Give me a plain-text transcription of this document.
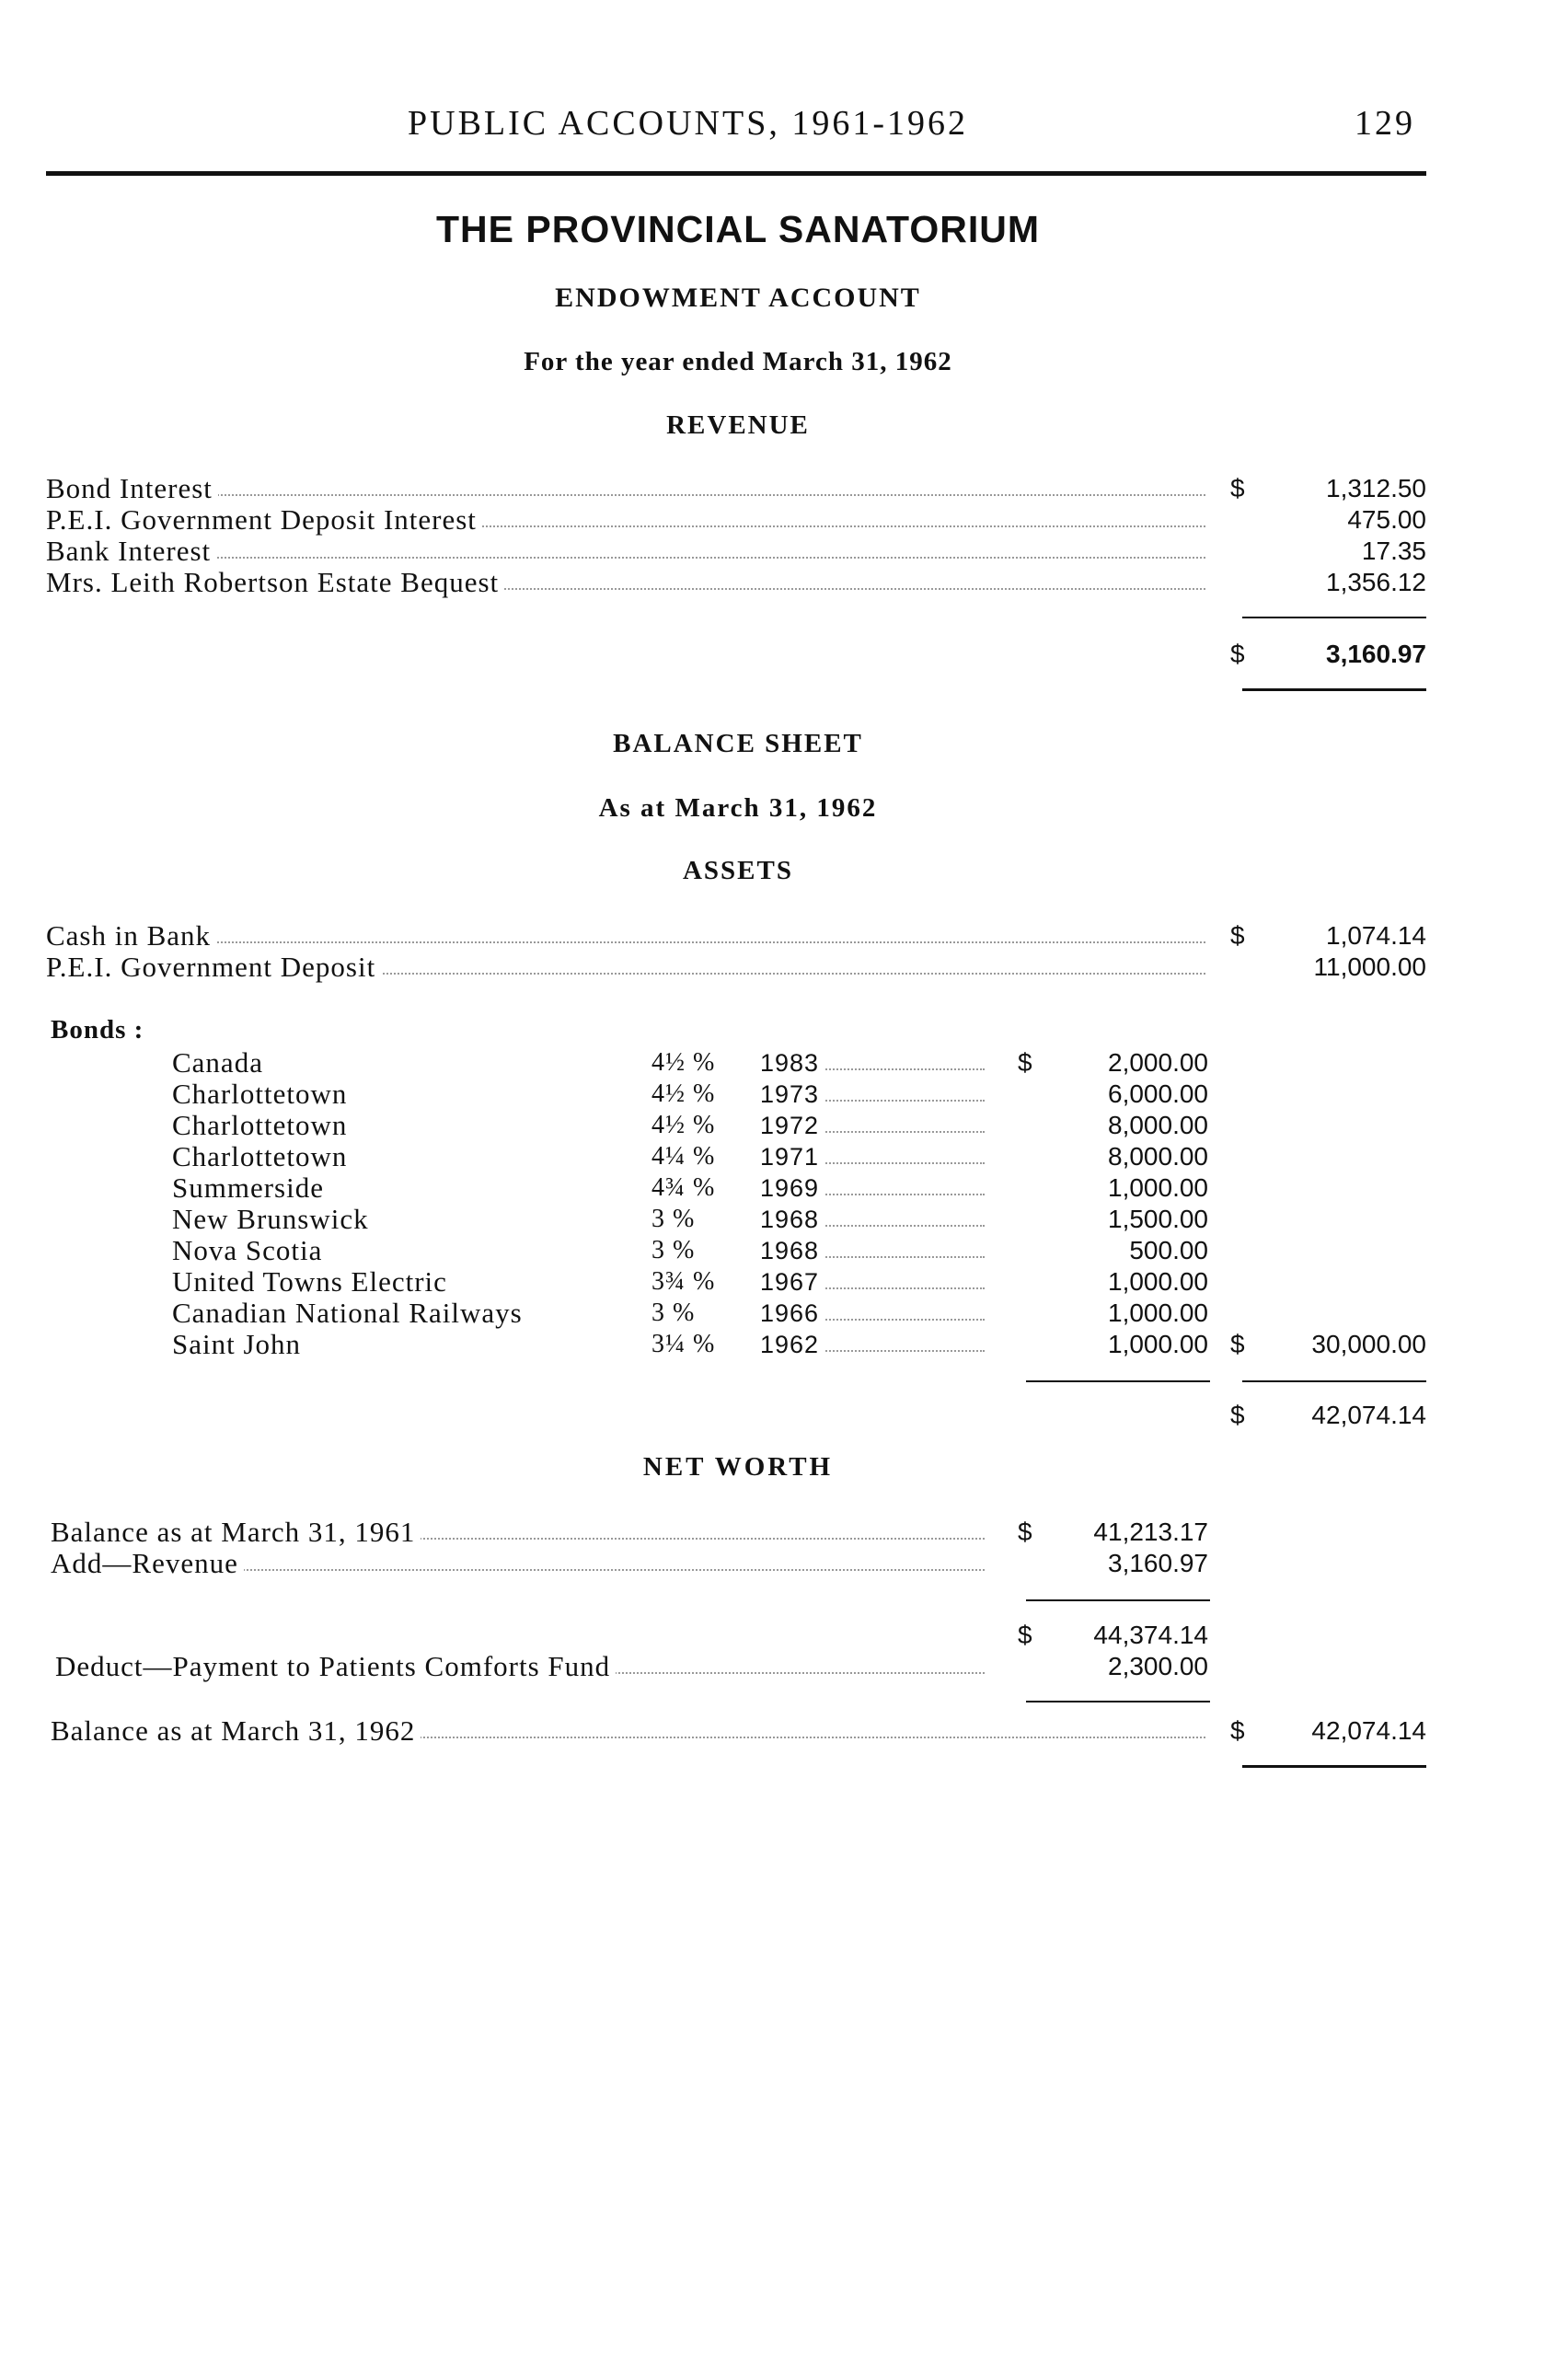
PUBLIC ACCOUNTS, 1961-1962	129
THE PROVINCIAL SANATORIUM
ENDOWMENT ACCOUNT
For the year ended March 31, 1962
REVENUE
Bond Interest	$	1,312.50
P.E.I. Government Deposit Interest	475.00
Bank Interest	17.35
Mrs. Leith Robertson Estate Bequest	1,356.12
$	3,160.97
BALANCE SHEET
As at March 31, 1962
ASSETS
Cash in Bank	$	1,074.14
P.E.I. Government Deposit	11,000.00
Bonds :
Canada	4½ % 1983	$	2,000.00
Charlottetown	4½ % 1973	6,000.00
Charlottetown	4½ % 1972	8,000.00
Charlottetown	4¼ % 1971	8,000.00
Summerside	4¾ % 1969	1,000.00
New Brunswick	3 %	1968	1,500.00
Nova Scotia	3 %	1968	500.00
United Towns Electric	3¾ % 1967	1,000.00
Canadian National Railways	3 %	1966	1,000.00
Saint John	3¼ % 1962	1,000.00 $	30,000.00
$	42,074.14
NET WORTH
Balance as at March 31, 1961	$	41,213.17
Add—Revenue	3,160.97
$	44,374.14
Deduct—Payment to Patients Comforts Fund	2,300.00
Balance as at March 31, 1962	$	42,074.14
